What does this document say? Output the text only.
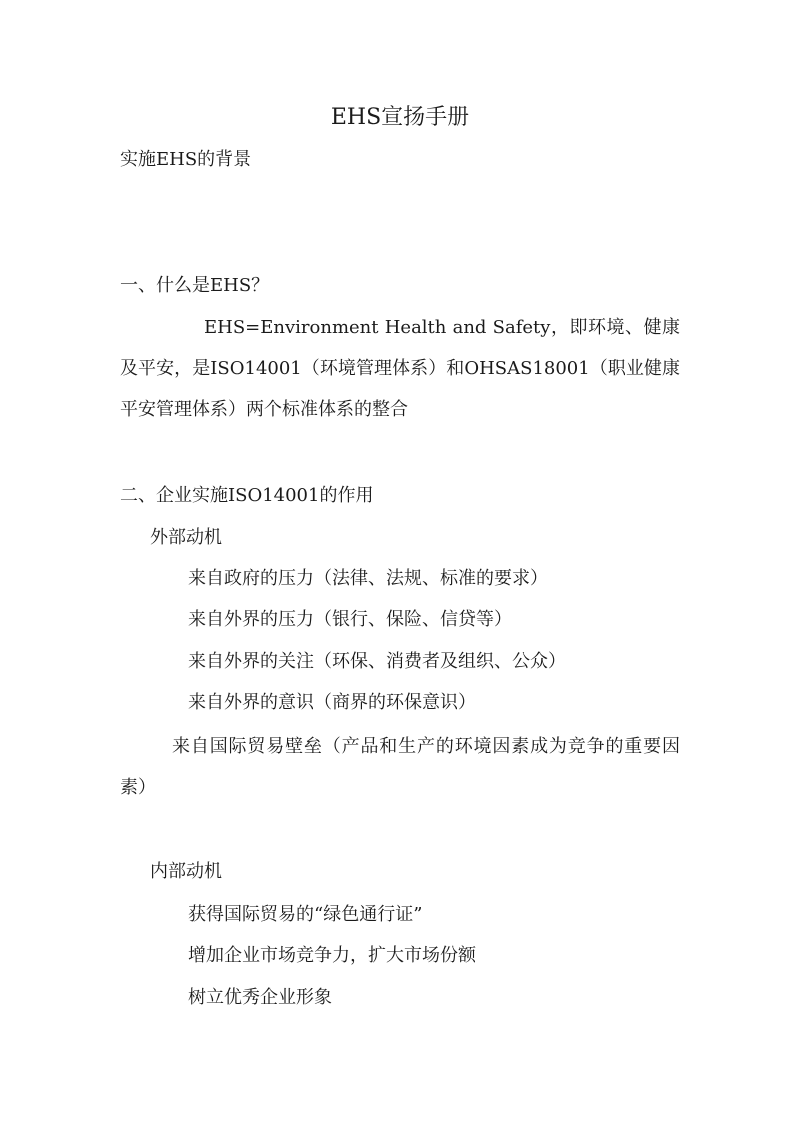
EHS宣扬手册
实施EHS的背景
一、什么是EHS？
EHS=Environment Health and Safety，即环境、健康及平安，是ISO14001（环境管理体系）和OHSAS18001（职业健康平安管理体系）两个标准体系的整合
二、企业实施ISO14001的作用
外部动机
来自政府的压力（法律、法规、标准的要求）
来自外界的压力（银行、保险、信贷等）
来自外界的关注（环保、消费者及组织、公众）
来自外界的意识（商界的环保意识）
来自国际贸易壁垒（产品和生产的环境因素成为竞争的重要因素）
内部动机
获得国际贸易的“绿色通行证”
增加企业市场竞争力，扩大市场份额
树立优秀企业形象
